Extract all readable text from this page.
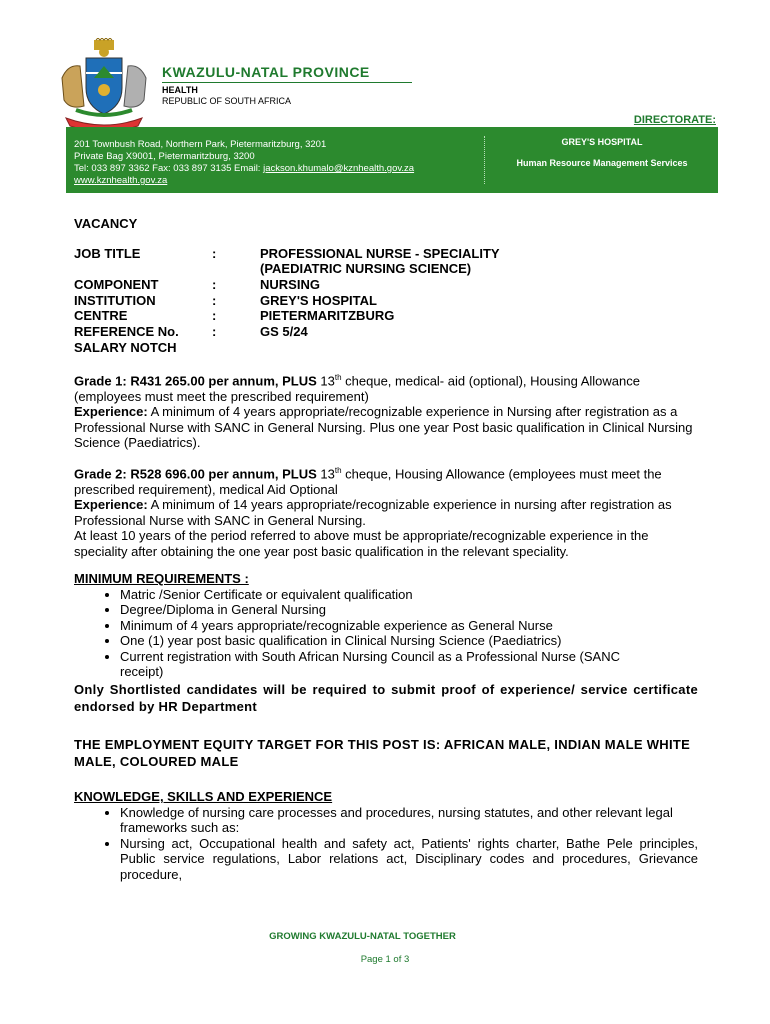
KWAZULU-NATAL PROVINCE
HEALTH
REPUBLIC OF SOUTH AFRICA
DIRECTORATE:
201 Townbush Road, Northern Park, Pietermaritzburg, 3201
Private Bag X9001, Pietermaritzburg, 3200
Tel: 033 897 3362 Fax: 033 897 3135 Email: jackson.khumalo@kznhealth.gov.za
www.kznhealth.gov.za
GREY'S HOSPITAL
Human Resource Management Services
VACANCY
JOB TITLE	:	PROFESSIONAL NURSE - SPECIALITY
(PAEDIATRIC NURSING SCIENCE)
COMPONENT	:	NURSING
INSTITUTION	:	GREY'S HOSPITAL
CENTRE	:	PIETERMARITZBURG
REFERENCE No.	:	GS 5/24
SALARY NOTCH
Grade 1: R431 265.00 per annum, PLUS 13th cheque, medical- aid (optional), Housing Allowance (employees must meet the prescribed requirement)
Experience: A minimum of 4 years appropriate/recognizable experience in Nursing after registration as a Professional Nurse with SANC in General Nursing. Plus one year Post basic qualification in Clinical Nursing Science (Paediatrics).
Grade 2: R528 696.00 per annum, PLUS 13th cheque, Housing Allowance (employees must meet the prescribed requirement), medical Aid Optional
Experience: A minimum of 14 years appropriate/recognizable experience in nursing after registration as Professional Nurse with SANC in General Nursing.
At least 10 years of the period referred to above must be appropriate/recognizable experience in the speciality after obtaining the one year post basic qualification in the relevant speciality.
MINIMUM REQUIREMENTS :
• Matric /Senior Certificate or equivalent qualification
• Degree/Diploma in General Nursing
• Minimum of 4 years appropriate/recognizable experience as General Nurse
• One (1) year post basic qualification in Clinical Nursing Science (Paediatrics)
• Current registration with South African Nursing Council as a Professional Nurse (SANC receipt)
Only Shortlisted candidates will be required to submit proof of experience/ service certificate endorsed by HR Department
THE EMPLOYMENT EQUITY TARGET FOR THIS POST IS: AFRICAN MALE, INDIAN MALE WHITE MALE, COLOURED MALE
KNOWLEDGE, SKILLS AND EXPERIENCE
• Knowledge of nursing care processes and procedures, nursing statutes, and other relevant legal frameworks such as:
• Nursing act, Occupational health and safety act, Patients' rights charter, Bathe Pele principles, Public service regulations, Labor relations act, Disciplinary codes and procedures, Grievance procedure,
GROWING KWAZULU-NATAL TOGETHER
Page 1 of 3
